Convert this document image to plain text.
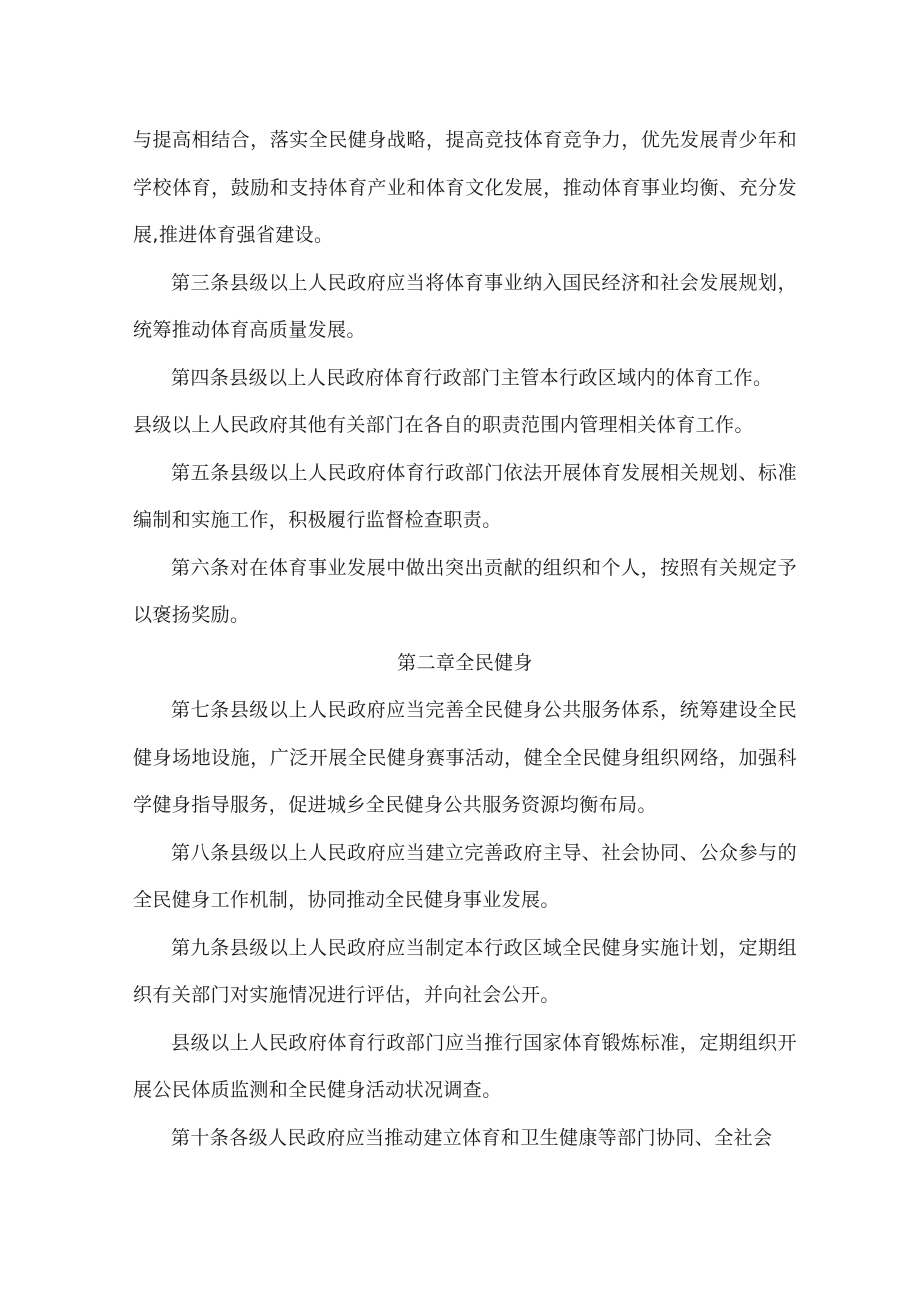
与提高相结合，落实全民健身战略，提高竞技体育竞争力，优先发展青少年和学校体育，鼓励和支持体育产业和体育文化发展，推动体育事业均衡、充分发展,推进体育强省建设。

第三条县级以上人民政府应当将体育事业纳入国民经济和社会发展规划，统筹推动体育高质量发展。

第四条县级以上人民政府体育行政部门主管本行政区域内的体育工作。

县级以上人民政府其他有关部门在各自的职责范围内管理相关体育工作。

第五条县级以上人民政府体育行政部门依法开展体育发展相关规划、标准编制和实施工作，积极履行监督检查职责。

第六条对在体育事业发展中做出突出贡献的组织和个人，按照有关规定予以褒扬奖励。

第二章全民健身

第七条县级以上人民政府应当完善全民健身公共服务体系，统筹建设全民健身场地设施，广泛开展全民健身赛事活动，健全全民健身组织网络，加强科学健身指导服务，促进城乡全民健身公共服务资源均衡布局。

第八条县级以上人民政府应当建立完善政府主导、社会协同、公众参与的全民健身工作机制，协同推动全民健身事业发展。

第九条县级以上人民政府应当制定本行政区域全民健身实施计划，定期组织有关部门对实施情况进行评估，并向社会公开。

县级以上人民政府体育行政部门应当推行国家体育锻炼标准，定期组织开展公民体质监测和全民健身活动状况调查。

第十条各级人民政府应当推动建立体育和卫生健康等部门协同、全社会
